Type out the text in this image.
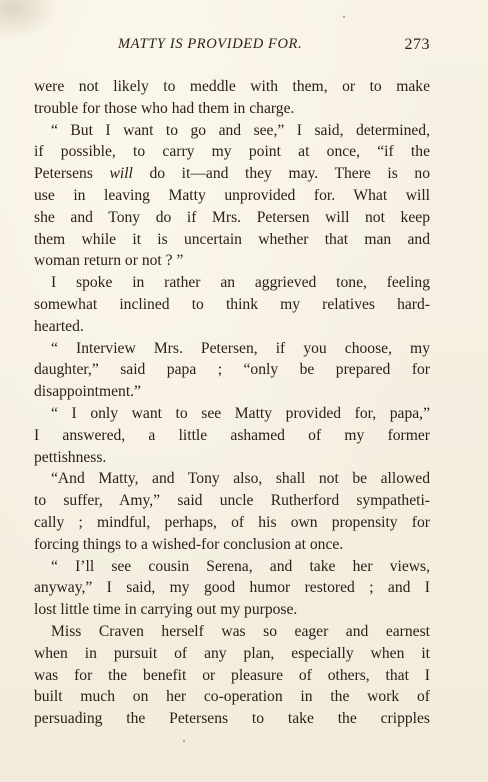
MATTY IS PROVIDED FOR.	273
were not likely to meddle with them, or to make
trouble for those who had them in charge.
“ But I want to go and see,” I said, determined,
if possible, to carry my point at once, “if the
Petersens will do it—and they may. There is no
use in leaving Matty unprovided for. What will
she and Tony do if Mrs. Petersen will not keep
them while it is uncertain whether that man and
woman return or not ? ”
I spoke in rather an aggrieved tone, feeling
somewhat inclined to think my relatives hard-
hearted.
“ Interview Mrs. Petersen, if you choose, my
daughter,” said papa ; “only be prepared for
disappointment.”
“ I only want to see Matty provided for, papa,”
I answered, a little ashamed of my former
pettishness.
“And Matty, and Tony also, shall not be allowed
to suffer, Amy,” said uncle Rutherford sympatheti-
cally ; mindful, perhaps, of his own propensity for
forcing things to a wished-for conclusion at once.
“ I’ll see cousin Serena, and take her views,
anyway,” I said, my good humor restored ; and I
lost little time in carrying out my purpose.
Miss Craven herself was so eager and earnest
when in pursuit of any plan, especially when it
was for the benefit or pleasure of others, that I
built much on her co-operation in the work of
persuading the Petersens to take the cripples
